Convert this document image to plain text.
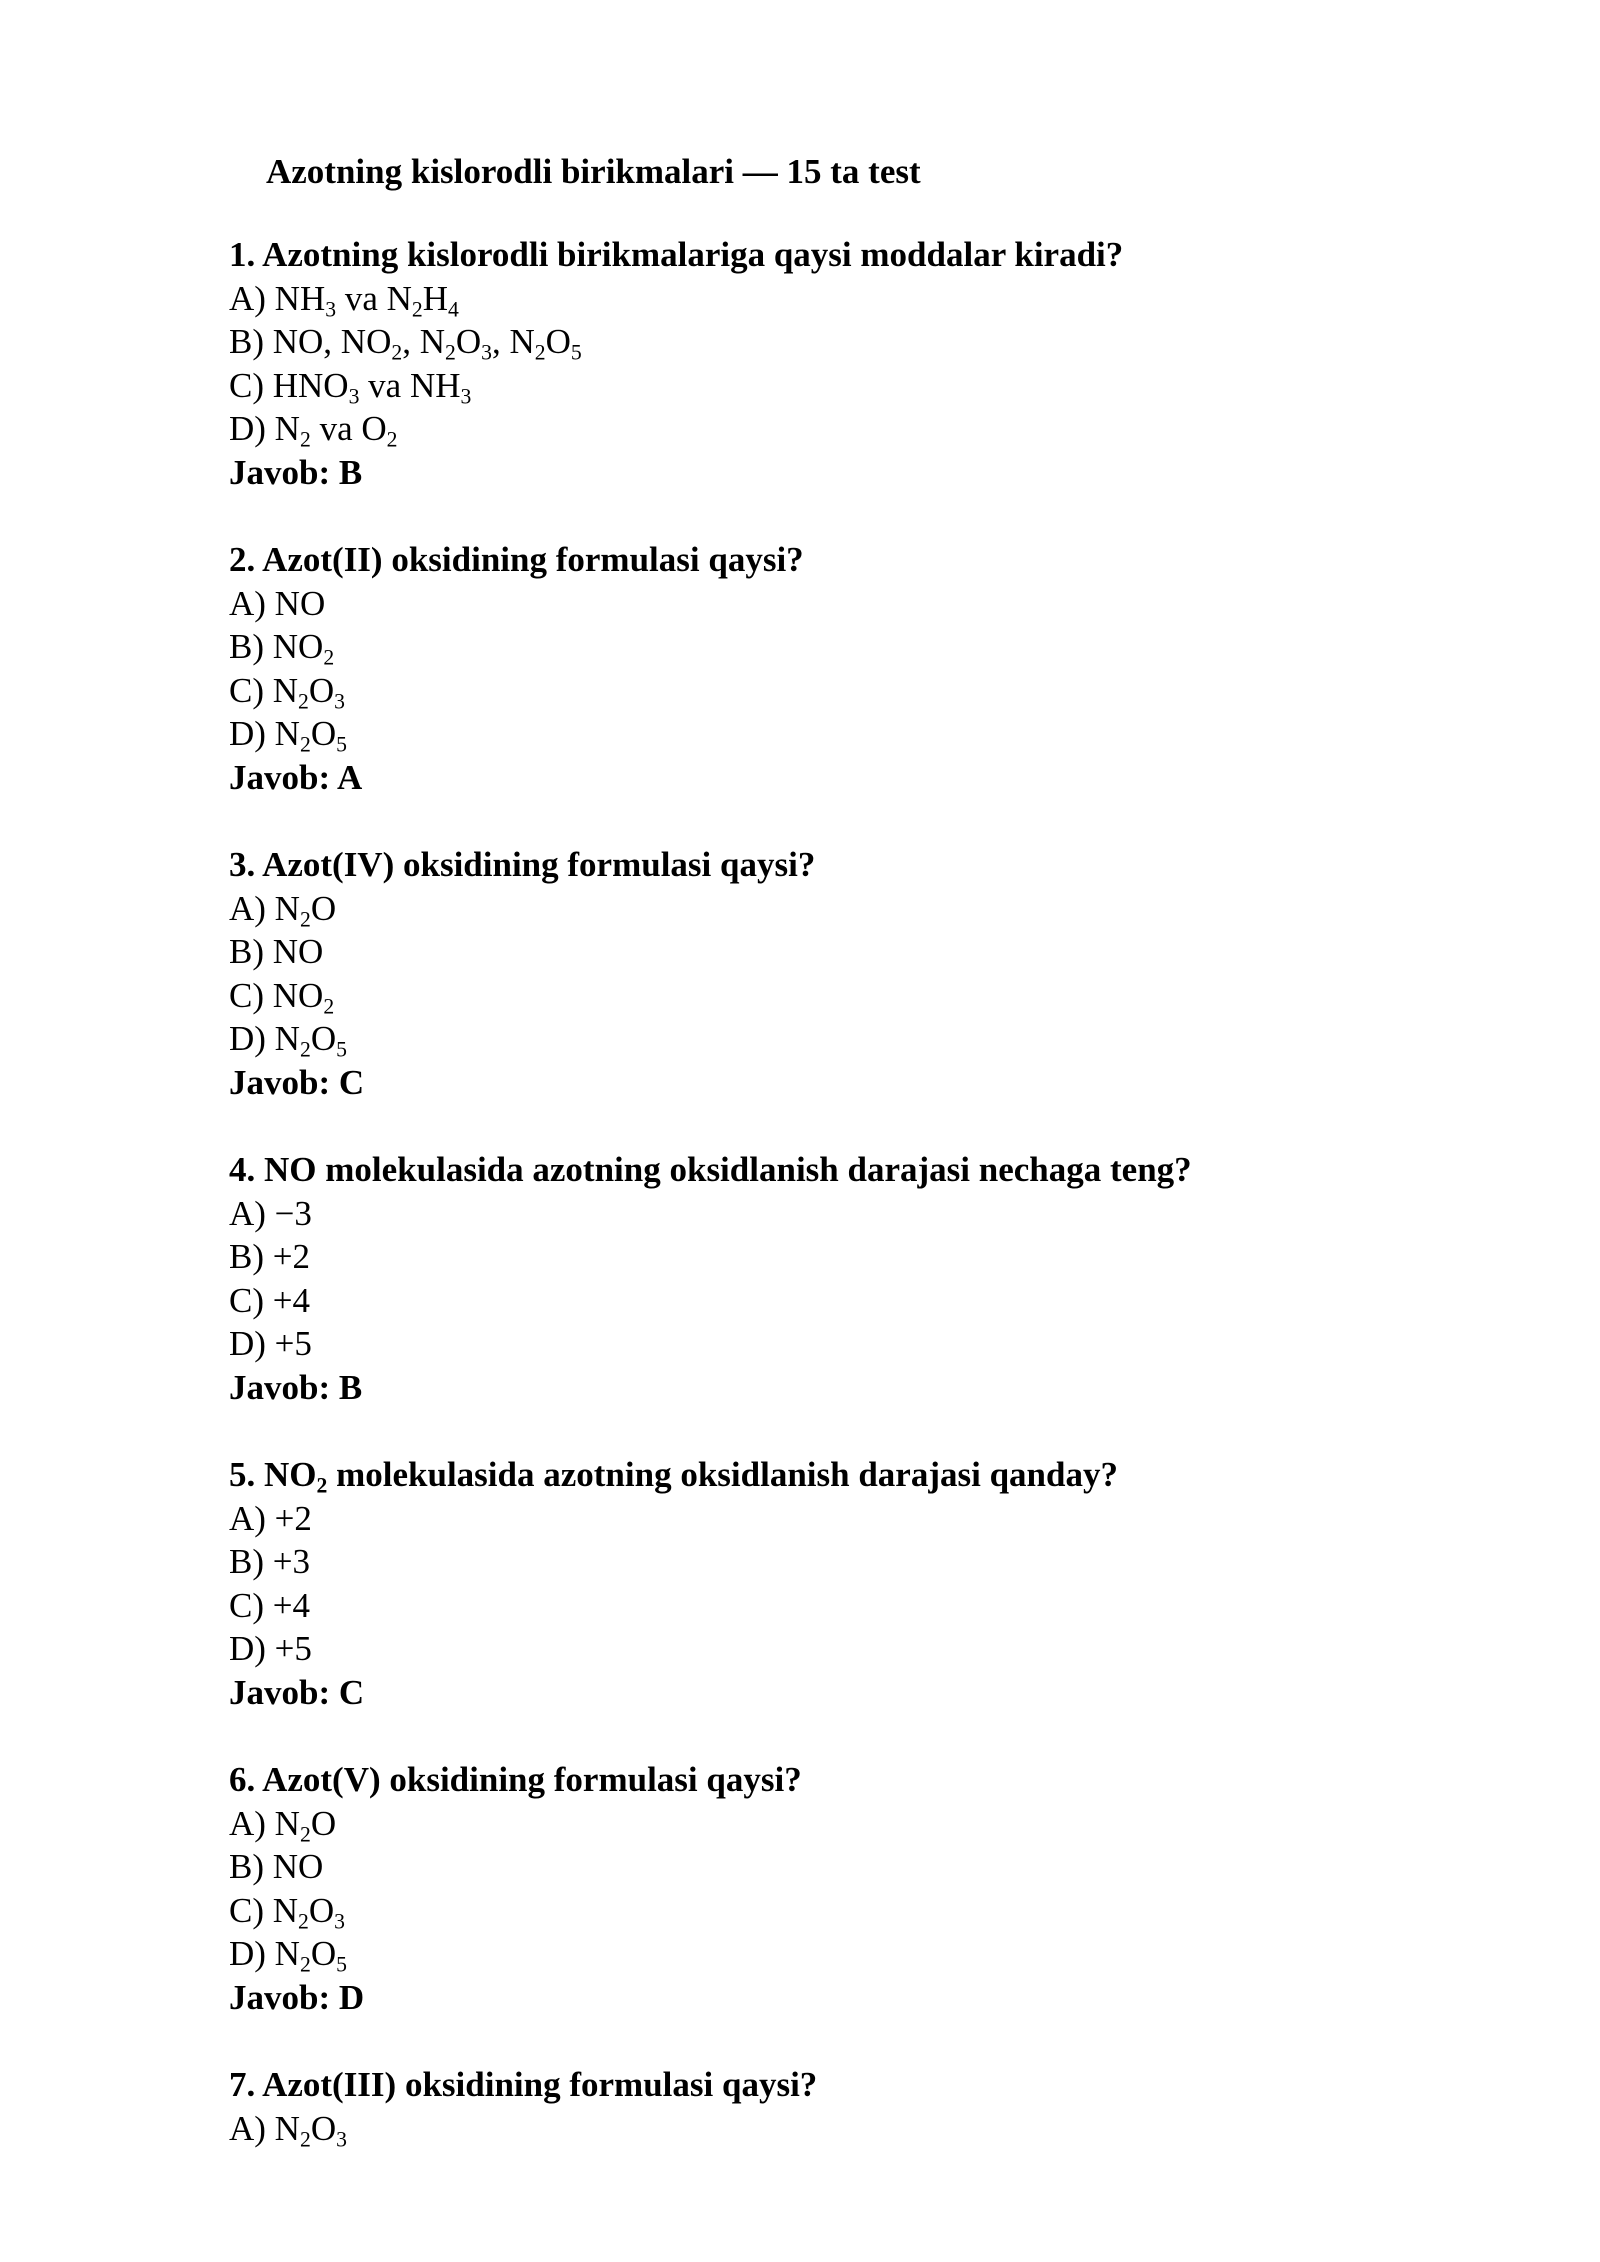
Azotning kislorodli birikmalari — 15 ta test
1. Azotning kislorodli birikmalariga qaysi moddalar kiradi?
A) $NH_3$ va $N_2H_4$
B) NO, $NO_2$, $N_2O_3$, $N_2O_5$
C) $HNO_3$ va $NH_3$
D) $N_2$ va $O_2$
Javob: B
2. Azot(II) oksidining formulasi qaysi?
A) NO
B) $NO_2$
C) $N_2O_3$
D) $N_2O_5$
Javob: A
3. Azot(IV) oksidining formulasi qaysi?
A) $N_2O$
B) NO
C) $NO_2$
D) $N_2O_5$
Javob: C
4. NO molekulasida azotning oksidlanish darajasi nechaga teng?
A) −3
B) +2
C) +4
D) +5
Javob: B
5. $NO_2$ molekulasida azotning oksidlanish darajasi qanday?
A) +2
B) +3
C) +4
D) +5
Javob: C
6. Azot(V) oksidining formulasi qaysi?
A) $N_2O$
B) NO
C) $N_2O_3$
D) $N_2O_5$
Javob: D
7. Azot(III) oksidining formulasi qaysi?
A) $N_2O_3$
